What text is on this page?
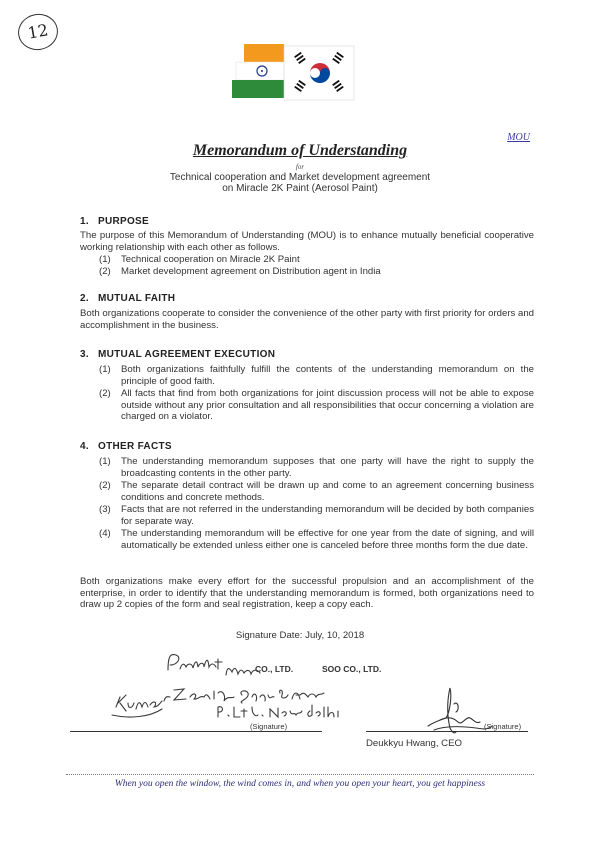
12
MOU
Memorandum of Understanding
for
Technical cooperation and Market development agreement
on Miracle 2K Paint (Aerosol Paint)
1. PURPOSE
The purpose of this Memorandum of Understanding (MOU) is to enhance mutually beneficial cooperative working relationship with each other as follows.
(1) Technical cooperation on Miracle 2K Paint
(2) Market development agreement on Distribution agent in India
2. MUTUAL FAITH
Both organizations cooperate to consider the convenience of the other party with first priority for orders and accomplishment in the business.
3. MUTUAL AGREEMENT EXECUTION
(1) Both organizations faithfully fulfill the contents of the understanding memorandum on the principle of good faith.
(2) All facts that find from both organizations for joint discussion process will not be able to expose outside without any prior consultation and all responsibilities that occur concerning a violation are charged on a violator.
4. OTHER FACTS
(1) The understanding memorandum supposes that one party will have the right to supply the broadcasting contents in the other party.
(2) The separate detail contract will be drawn up and come to an agreement concerning business conditions and concrete methods.
(3) Facts that are not referred in the understanding memorandum will be decided by both companies for separate way.
(4) The understanding memorandum will be effective for one year from the date of signing, and will automatically be extended unless either one is canceled before three months form the due date.
Both organizations make every effort for the successful propulsion and an accomplishment of the enterprise, in order to identify that the understanding memorandum is formed, both organizations need to draw up 2 copies of the form and seal registration, keep a copy each.
Signature Date: July, 10, 2018
CO., LTD.	SOO CO., LTD.
(Signature)	(Signature)
Deukkyu Hwang, CEO
When you open the window, the wind comes in, and when you open your heart, you get happiness
